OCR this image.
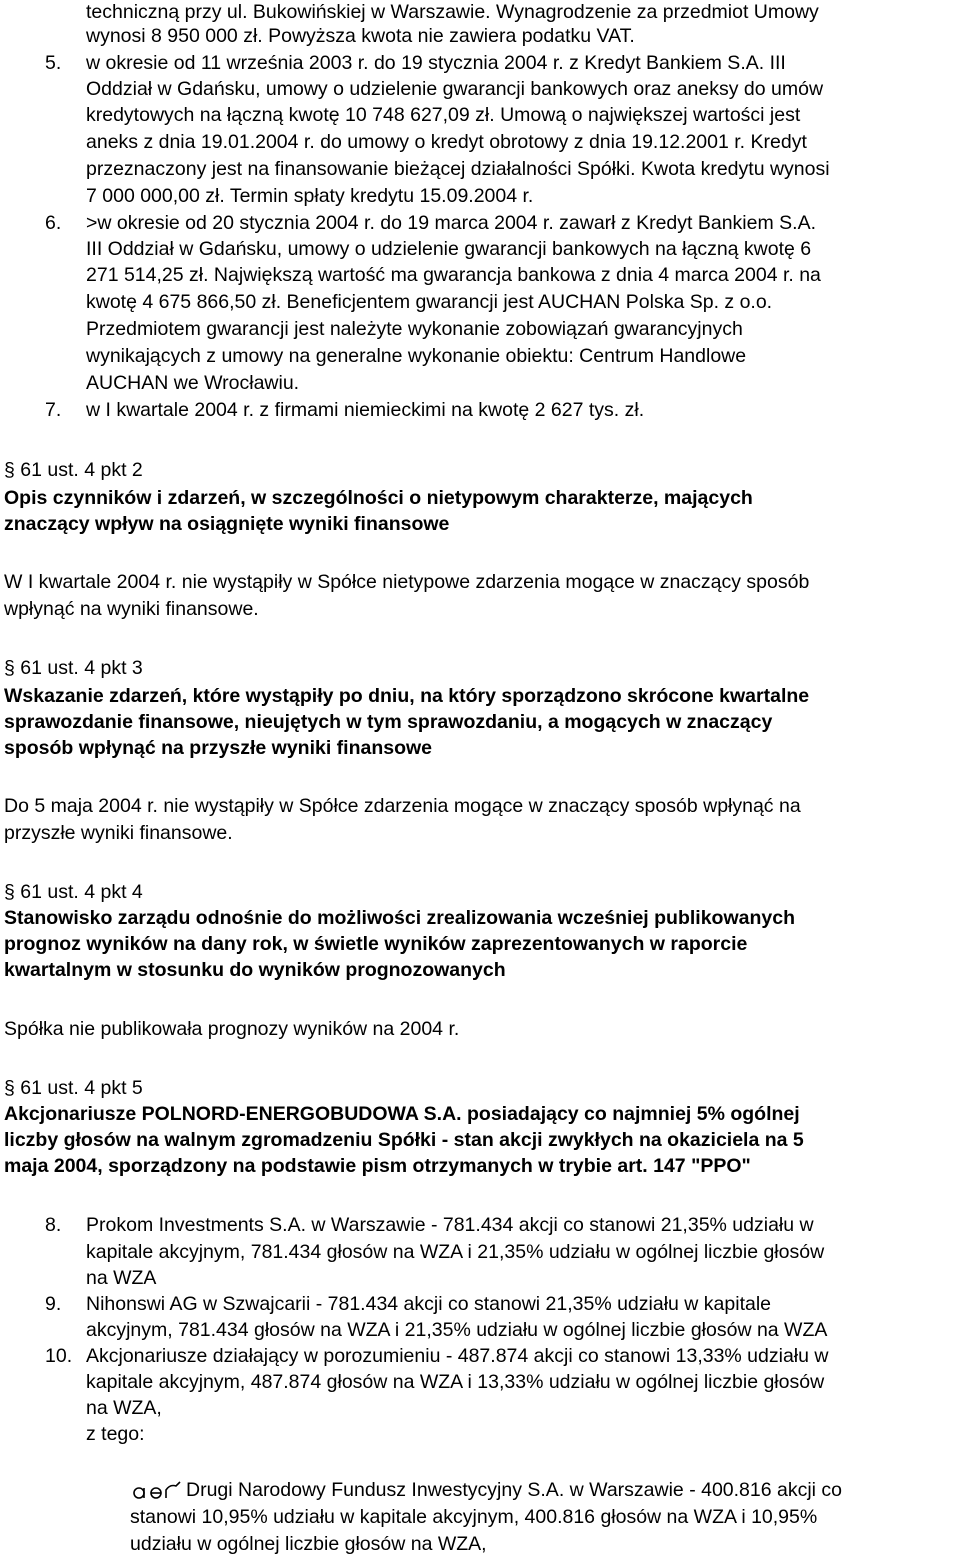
techniczną przy ul. Bukowińskiej w Warszawie. Wynagrodzenie za przedmiot Umowy
wynosi 8 950 000 zł. Powyższa kwota nie zawiera podatku VAT.
5. w okresie od 11 września 2003 r. do 19 stycznia 2004 r. z Kredyt Bankiem S.A. III
Oddział w Gdańsku, umowy o udzielenie gwarancji bankowych oraz aneksy do umów
kredytowych na łączną kwotę 10 748 627,09 zł. Umową o największej wartości jest
aneks z dnia 19.01.2004 r. do umowy o kredyt obrotowy z dnia 19.12.2001 r. Kredyt
przeznaczony jest na finansowanie bieżącej działalności Spółki. Kwota kredytu wynosi
7 000 000,00 zł. Termin spłaty kredytu 15.09.2004 r.
6. >w okresie od 20 stycznia 2004 r. do 19 marca 2004 r. zawarł z Kredyt Bankiem S.A.
III Oddział w Gdańsku, umowy o udzielenie gwarancji bankowych na łączną kwotę 6
271 514,25 zł. Największą wartość ma gwarancja bankowa z dnia 4 marca 2004 r. na
kwotę 4 675 866,50 zł. Beneficjentem gwarancji jest AUCHAN Polska Sp. z o.o.
Przedmiotem gwarancji jest należyte wykonanie zobowiązań gwarancyjnych
wynikających z umowy na generalne wykonanie obiektu: Centrum Handlowe
AUCHAN we Wrocławiu.
7. w I kwartale 2004 r. z firmami niemieckimi na kwotę 2 627 tys. zł.
§ 61 ust. 4 pkt 2
Opis czynników i zdarzeń, w szczególności o nietypowym charakterze, mających
znaczący wpływ na osiągnięte wyniki finansowe
W I kwartale 2004 r. nie wystąpiły w Spółce nietypowe zdarzenia mogące w znaczący sposób
wpłynąć na wyniki finansowe.
§ 61 ust. 4 pkt 3
Wskazanie zdarzeń, które wystąpiły po dniu, na który sporządzono skrócone kwartalne
sprawozdanie finansowe, nieujętych w tym sprawozdaniu, a mogących w znaczący
sposób wpłynąć na przyszłe wyniki finansowe
Do 5 maja 2004 r. nie wystąpiły w Spółce zdarzenia mogące w znaczący sposób wpłynąć na
przyszłe wyniki finansowe.
§ 61 ust. 4 pkt 4
Stanowisko zarządu odnośnie do możliwości zrealizowania wcześniej publikowanych
prognoz wyników na dany rok, w świetle wyników zaprezentowanych w raporcie
kwartalnym w stosunku do wyników prognozowanych
Spółka nie publikowała prognozy wyników na 2004 r.
§ 61 ust. 4 pkt 5
Akcjonariusze POLNORD-ENERGOBUDOWA S.A. posiadający co najmniej 5% ogólnej
liczby głosów na walnym zgromadzeniu Spółki - stan akcji zwykłych na okaziciela na 5
maja 2004, sporządzony na podstawie pism otrzymanych w trybie art. 147 "PPO"
8. Prokom Investments S.A. w Warszawie - 781.434 akcji co stanowi 21,35% udziału w
kapitale akcyjnym, 781.434 głosów na WZA i 21,35% udziału w ogólnej liczbie głosów
na WZA
9. Nihonswi AG w Szwajcarii - 781.434 akcji co stanowi 21,35% udziału w kapitale
akcyjnym, 781.434 głosów na WZA i 21,35% udziału w ogólnej liczbie głosów na WZA
10. Akcjonariusze działający w porozumieniu - 487.874 akcji co stanowi 13,33% udziału w
kapitale akcyjnym, 487.874 głosów na WZA i 13,33% udziału w ogólnej liczbie głosów
na WZA,
z tego:
Drugi Narodowy Fundusz Inwestycyjny S.A. w Warszawie - 400.816 akcji co
stanowi 10,95% udziału w kapitale akcyjnym, 400.816 głosów na WZA i 10,95%
udziału w ogólnej liczbie głosów na WZA,
